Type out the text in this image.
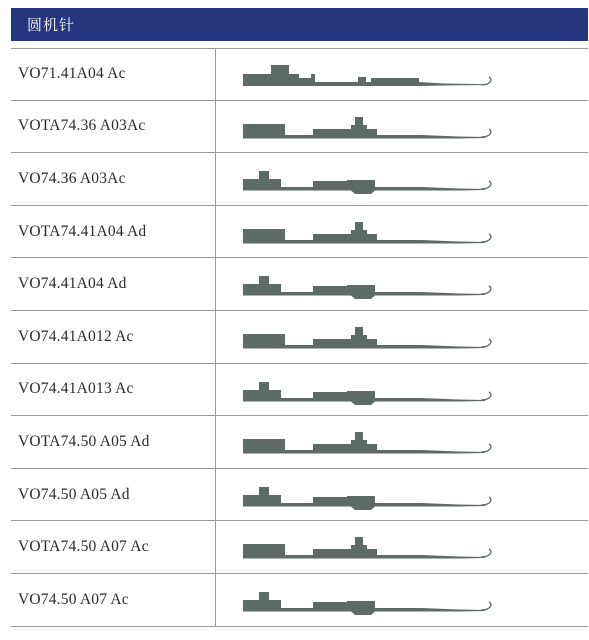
圆机针
VO71.41A04 Ac
VOTA74.36 A03Ac
VO74.36 A03Ac
VOTA74.41A04 Ad
VO74.41A04 Ad
VO74.41A012 Ac
VO74.41A013 Ac
VOTA74.50 A05 Ad
VO74.50 A05 Ad
VOTA74.50 A07 Ac
VO74.50 A07 Ac
